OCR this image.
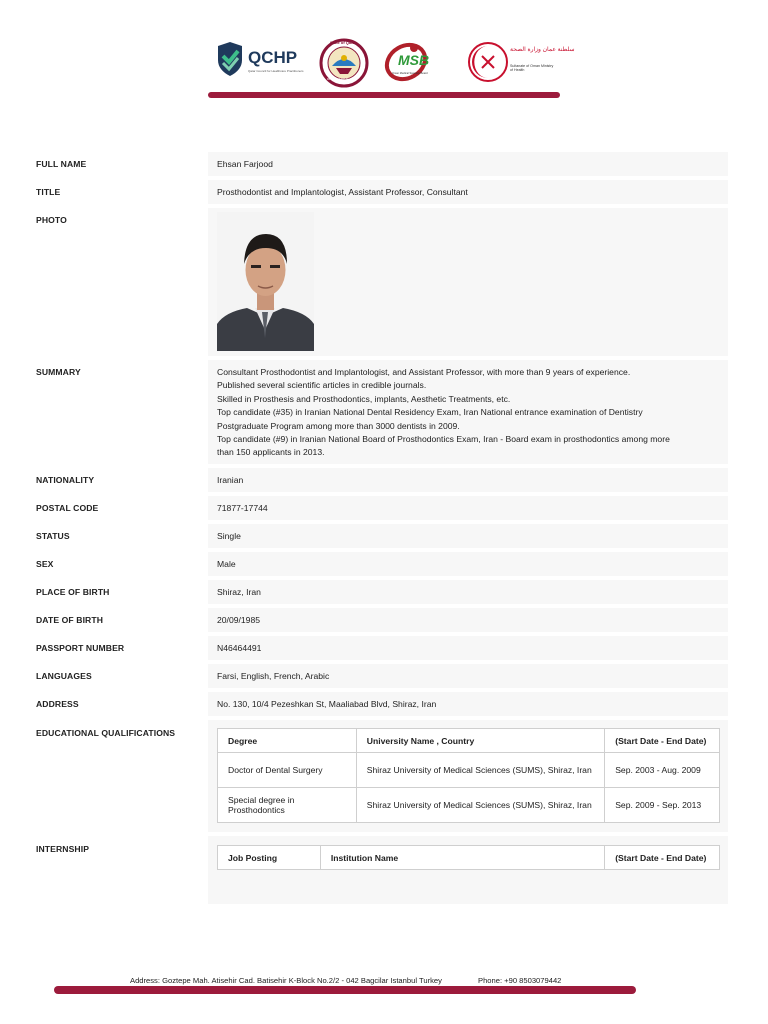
QCHP
Qatar Council for Healthcare Practitioners
State of Qatar
Ministry of Public Health
MSB
Oman Medical Specialty Board
سلطنة عمان وزارة الصحة
Sultanate of Oman Ministry of Health
FULL NAME	Ehsan Farjood
TITLE	Prosthodontist and Implantologist, Assistant Professor, Consultant
PHOTO
SUMMARY	Consultant Prosthodontist and Implantologist, and Assistant Professor, with more than 9 years of experience.
Published several scientific articles in credible journals.
Skilled in Prosthesis and Prosthodontics, implants, Aesthetic Treatments, etc.
Top candidate (#35) in Iranian National Dental Residency Exam, Iran National entrance examination of Dentistry
Postgraduate Program among more than 3000 dentists in 2009.
Top candidate (#9) in Iranian National Board of Prosthodontics Exam, Iran - Board exam in prosthodontics among more
than 150 applicants in 2013.
NATIONALITY	Iranian
POSTAL CODE	71877-17744
STATUS	Single
SEX	Male
PLACE OF BIRTH	Shiraz, Iran
DATE OF BIRTH	20/09/1985
PASSPORT NUMBER	N46464491
LANGUAGES	Farsi, English, French, Arabic
ADDRESS	No. 130, 10/4 Pezeshkan St, Maaliabad Blvd, Shiraz, Iran
EDUCATIONAL QUALIFICATIONS
Degree	University Name , Country	(Start Date - End Date)
Doctor of Dental Surgery	Shiraz University of Medical Sciences (SUMS), Shiraz, Iran	Sep. 2003 - Aug. 2009
Special degree in Prosthodontics	Shiraz University of Medical Sciences (SUMS), Shiraz, Iran	Sep. 2009 - Sep. 2013
INTERNSHIP
Job Posting	Institution Name	(Start Date - End Date)
Address: Goztepe Mah. Atisehir Cad. Batisehir K-Block No.2/2 - 042 Bagcilar Istanbul Turkey	Phone: +90 8503079442
